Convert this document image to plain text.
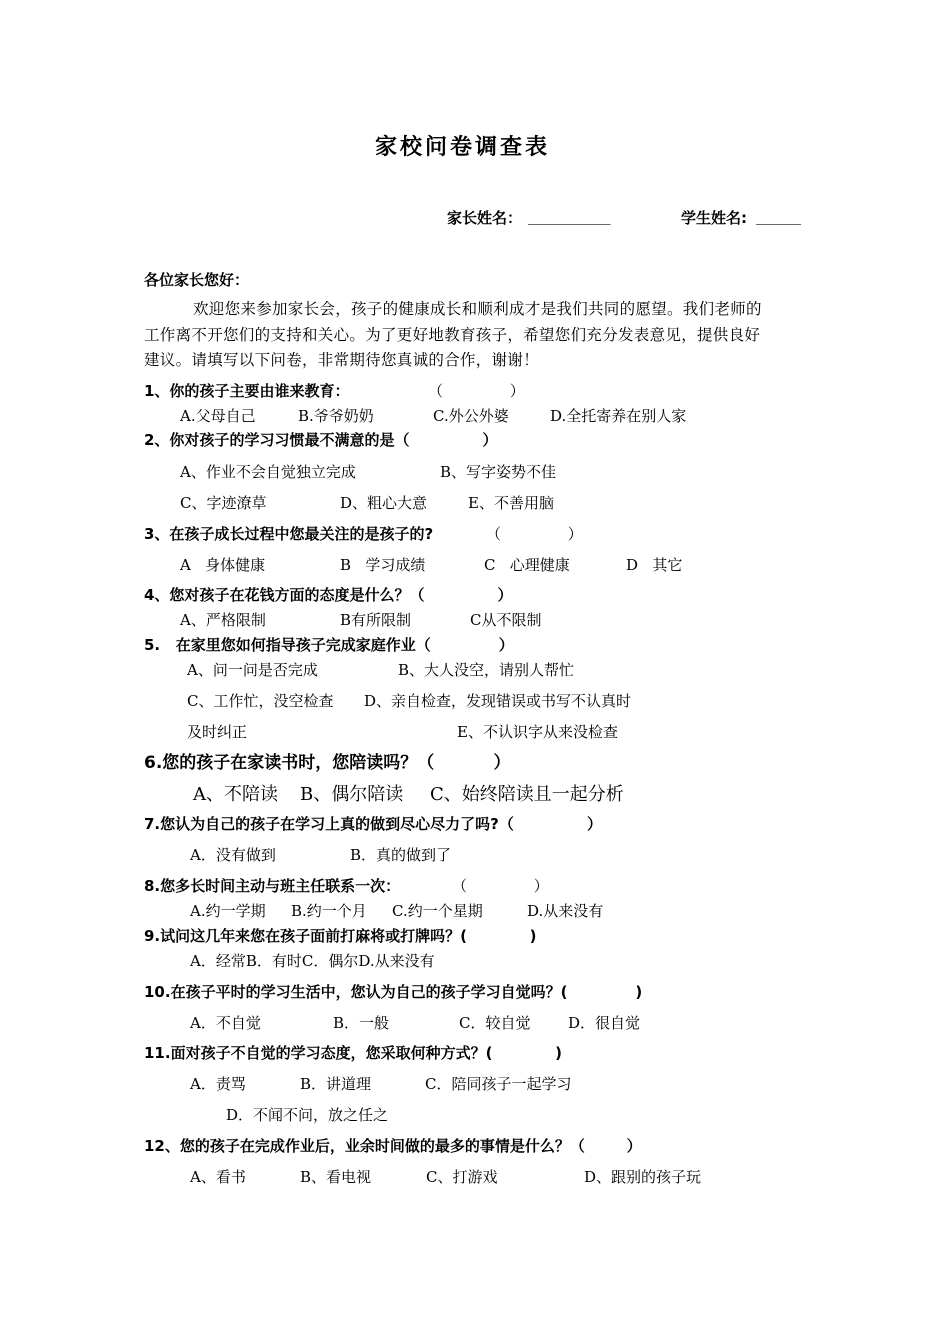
家校问卷调查表
家长姓名： ___________	学生姓名: ______
各位家长您好：
欢迎您来参加家长会，孩子的健康成长和顺利成才是我们共同的愿望。我们老师的
工作离不开您们的支持和关心。为了更好地教育孩子，希望您们充分发表意见，提供良好
建议。请填写以下问卷，非常期待您真诚的合作，谢谢！
1、你的孩子主要由谁来教育：	（              ）
A.父母自己	B.爷爷奶奶	C.外公外婆	D.全托寄养在别人家
2、你对孩子的学习习惯最不满意的是（              ）
A、作业不会自觉独立完成	B、写字姿势不佳
C、字迹潦草	D、粗心大意	E、不善用脑
3、在孩子成长过程中您最关注的是孩子的?	（              ）
A   身体健康	B   学习成绩	C   心理健康	D   其它
4、您对孩子在花钱方面的态度是什么？（              ）
A、严格限制	B有所限制	C从不限制
5.   在家里您如何指导孩子完成家庭作业（             ）
A、问一问是否完成	B、大人没空，请别人帮忙
C、工作忙，没空检查 D、亲自检查，发现错误或书写不认真时
及时纠正	E、不认识字从来没检查
6.您的孩子在家读书时，您陪读吗？（          ）
A、不陪读 B、偶尔陪读 C、始终陪读且一起分析
7.您认为自己的孩子在学习上真的做到尽心尽力了吗?（              ）
A．没有做到	B．真的做到了
8.您多长时间主动与班主任联系一次：	（              ）
A.约一学期 B.约一个月 C.约一个星期	D.从来没有
9.试问这几年来您在孩子面前打麻将或打牌吗？(            )
A．经常B．有时C．偶尔D.从来没有
10.在孩子平时的学习生活中，您认为自己的孩子学习自觉吗？(             )
A．不自觉	B．一般	C．较自觉	D．很自觉
11.面对孩子不自觉的学习态度，您采取何种方式？(            )
A．责骂	B．讲道理	C．陪同孩子一起学习
D．不闻不问，放之任之
12、您的孩子在完成作业后，业余时间做的最多的事情是什么？（        ）
A、看书	B、看电视	C、打游戏	D、跟别的孩子玩
